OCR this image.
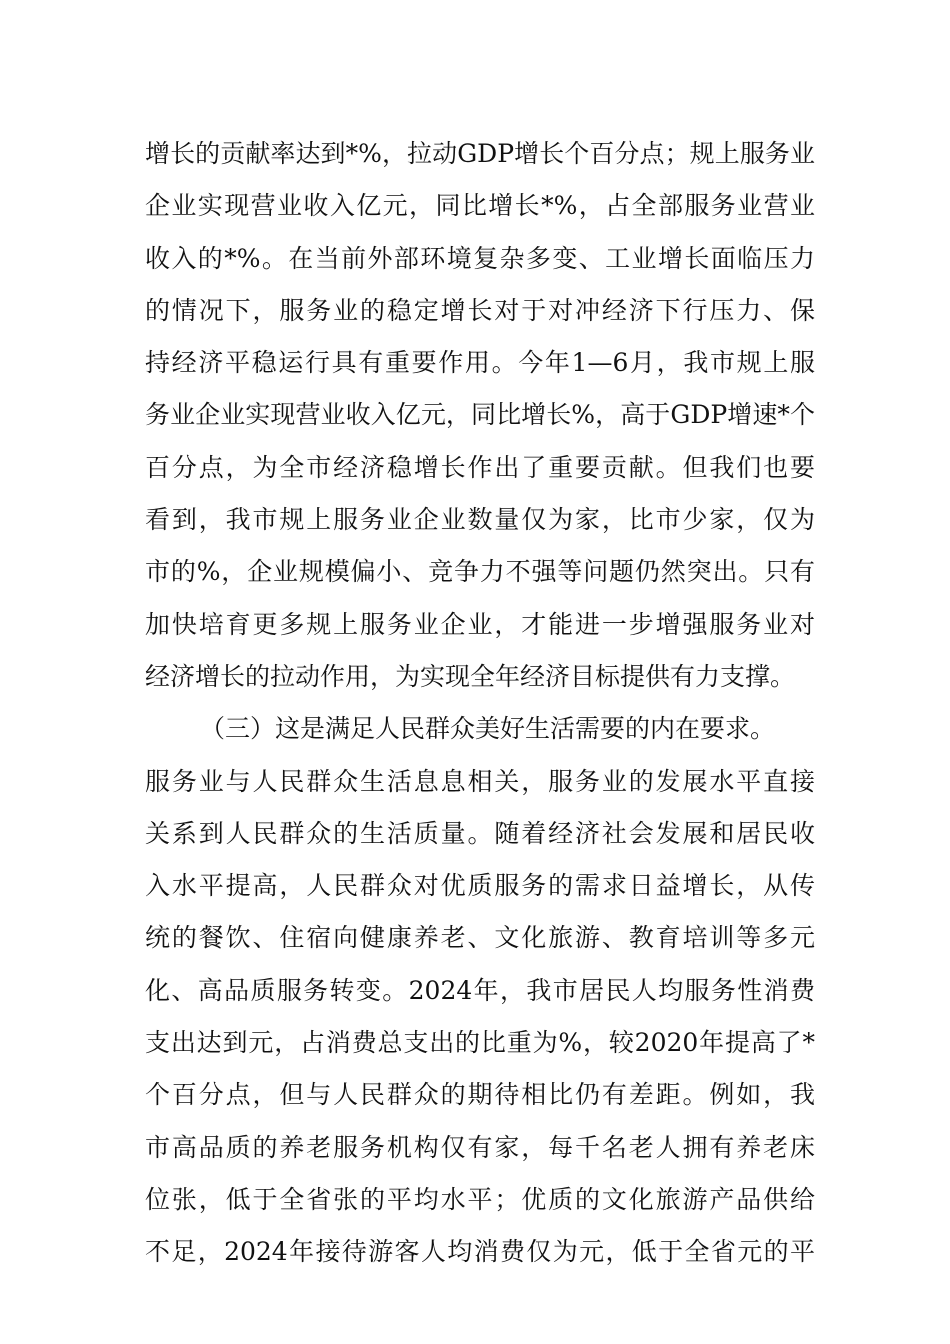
增长的贡献率达到*%，拉动GDP增长个百分点；规上服务业
企业实现营业收入亿元，同比增长*%，占全部服务业营业
收入的*%。在当前外部环境复杂多变、工业增长面临压力
的情况下，服务业的稳定增长对于对冲经济下行压力、保
持经济平稳运行具有重要作用。今年1—6月，我市规上服
务业企业实现营业收入亿元，同比增长%，高于GDP增速*个
百分点，为全市经济稳增长作出了重要贡献。但我们也要
看到，我市规上服务业企业数量仅为家，比市少家，仅为
市的%，企业规模偏小、竞争力不强等问题仍然突出。只有
加快培育更多规上服务业企业，才能进一步增强服务业对
经济增长的拉动作用，为实现全年经济目标提供有力支撑。
（三）这是满足人民群众美好生活需要的内在要求。
服务业与人民群众生活息息相关，服务业的发展水平直接
关系到人民群众的生活质量。随着经济社会发展和居民收
入水平提高，人民群众对优质服务的需求日益增长，从传
统的餐饮、住宿向健康养老、文化旅游、教育培训等多元
化、高品质服务转变。2024年，我市居民人均服务性消费
支出达到元，占消费总支出的比重为%，较2020年提高了*
个百分点，但与人民群众的期待相比仍有差距。例如，我
市高品质的养老服务机构仅有家，每千名老人拥有养老床
位张，低于全省张的平均水平；优质的文化旅游产品供给
不足，2024年接待游客人均消费仅为元，低于全省元的平
